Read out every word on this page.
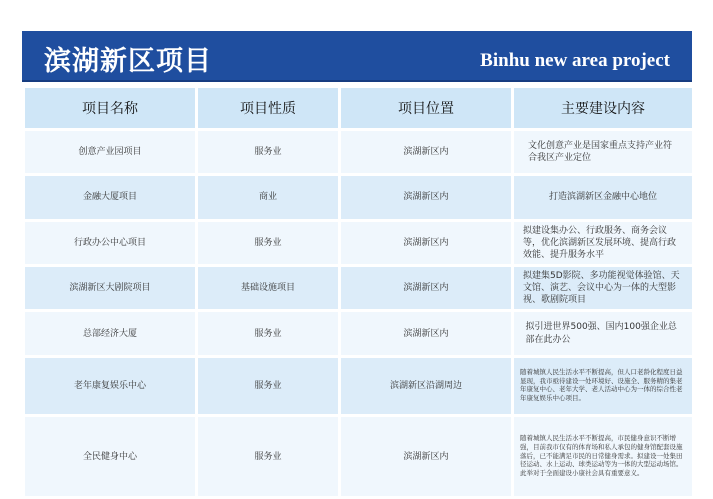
滨湖新区项目	Binhu new area project
项目名称	项目性质	项目位置	主要建设内容
创意产业园项目	服务业	滨湖新区内	文化创意产业是国家重点支持产业符合我区产业定位
金融大厦项目	商业	滨湖新区内	打造滨湖新区金融中心地位
行政办公中心项目	服务业	滨湖新区内	拟建设集办公、行政服务、商务会议等，优化滨湖新区发展环境、提高行政效能、提升服务水平
滨湖新区大剧院项目	基础设施项目	滨湖新区内	拟建集5D影院、多功能视觉体验馆、天文馆、演艺、会议中心为一体的大型影视、歌剧院项目
总部经济大厦	服务业	滨湖新区内	拟引进世界500强、国内100强企业总部在此办公
老年康复娱乐中心	服务业	滨湖新区沿湖周边	随着城镇人民生活水平不断提高，但人口老龄化程度日益显现，我市亟待建设一处环境好、设施全、服务精的集老年康复中心、老年大学、老人活动中心为一体的综合性老年康复娱乐中心项目。
全民健身中心	服务业	滨湖新区内	随着城镇人民生活水平不断提高，市民健身意识不断增强，目前我市仅有的体育场和私人承包的健身馆配套设施落后，已不能满足市民的日常健身需求。拟建设一处集田径运动、水上运动、球类运动等为一体的大型运动场馆。此举对于全面建设小康社会具有重要意义。
